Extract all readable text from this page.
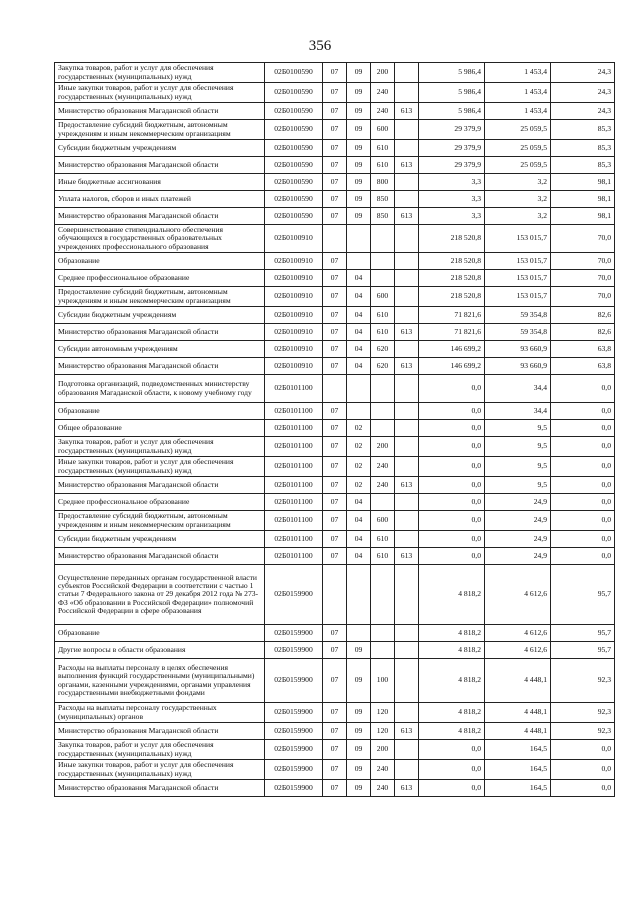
356
Закупка товаров, работ и услуг для обеспечения государственных (муниципальных) нужд	02Б0100590	07	09	200		5 986,4	1 453,4	24,3
Иные закупки товаров, работ и услуг для обеспечения государственных (муниципальных) нужд	02Б0100590	07	09	240		5 986,4	1 453,4	24,3
Министерство образования Магаданской области	02Б0100590	07	09	240	613	5 986,4	1 453,4	24,3
Предоставление субсидий бюджетным, автономным учреждениям и иным некоммерческим организациям	02Б0100590	07	09	600		29 379,9	25 059,5	85,3
Субсидии бюджетным учреждениям	02Б0100590	07	09	610		29 379,9	25 059,5	85,3
Министерство образования Магаданской области	02Б0100590	07	09	610	613	29 379,9	25 059,5	85,3
Иные бюджетные ассигнования	02Б0100590	07	09	800		3,3	3,2	98,1
Уплата налогов, сборов и иных платежей	02Б0100590	07	09	850		3,3	3,2	98,1
Министерство образования Магаданской области	02Б0100590	07	09	850	613	3,3	3,2	98,1
Совершенствование стипендиального обеспечения обучающихся в государственных образовательных учреждениях профессионального образования	02Б0100910					218 520,8	153 015,7	70,0
Образование	02Б0100910	07				218 520,8	153 015,7	70,0
Среднее профессиональное образование	02Б0100910	07	04			218 520,8	153 015,7	70,0
Предоставление субсидий бюджетным, автономным учреждениям и иным некоммерческим организациям	02Б0100910	07	04	600		218 520,8	153 015,7	70,0
Субсидии бюджетным учреждениям	02Б0100910	07	04	610		71 821,6	59 354,8	82,6
Министерство образования Магаданской области	02Б0100910	07	04	610	613	71 821,6	59 354,8	82,6
Субсидии автономным учреждениям	02Б0100910	07	04	620		146 699,2	93 660,9	63,8
Министерство образования Магаданской области	02Б0100910	07	04	620	613	146 699,2	93 660,9	63,8
Подготовка организаций, подведомственных министерству образования Магаданской области, к новому учебному году	02Б0101100					0,0	34,4	0,0
Образование	02Б0101100	07				0,0	34,4	0,0
Общее образование	02Б0101100	07	02			0,0	9,5	0,0
Закупка товаров, работ и услуг для обеспечения государственных (муниципальных) нужд	02Б0101100	07	02	200		0,0	9,5	0,0
Иные закупки товаров, работ и услуг для обеспечения государственных (муниципальных) нужд	02Б0101100	07	02	240		0,0	9,5	0,0
Министерство образования Магаданской области	02Б0101100	07	02	240	613	0,0	9,5	0,0
Среднее профессиональное образование	02Б0101100	07	04			0,0	24,9	0,0
Предоставление субсидий бюджетным, автономным учреждениям и иным некоммерческим организациям	02Б0101100	07	04	600		0,0	24,9	0,0
Субсидии бюджетным учреждениям	02Б0101100	07	04	610		0,0	24,9	0,0
Министерство образования Магаданской области	02Б0101100	07	04	610	613	0,0	24,9	0,0
Осуществление переданных органам государственной власти субъектов Российской Федерации в соответствии с частью 1 статьи 7 Федерального закона от 29 декабря 2012 года № 273-ФЗ «Об образовании в Российской Федерации» полномочий Российской Федерации в сфере образования	02Б0159900					4 818,2	4 612,6	95,7
Образование	02Б0159900	07				4 818,2	4 612,6	95,7
Другие вопросы в области образования	02Б0159900	07	09			4 818,2	4 612,6	95,7
Расходы на выплаты персоналу в целях обеспечения выполнения функций государственными (муниципальными) органами, казенными учреждениями, органами управления государственными внебюджетными фондами	02Б0159900	07	09	100		4 818,2	4 448,1	92,3
Расходы на выплаты персоналу государственных (муниципальных) органов	02Б0159900	07	09	120		4 818,2	4 448,1	92,3
Министерство образования Магаданской области	02Б0159900	07	09	120	613	4 818,2	4 448,1	92,3
Закупка товаров, работ и услуг для обеспечения государственных (муниципальных) нужд	02Б0159900	07	09	200		0,0	164,5	0,0
Иные закупки товаров, работ и услуг для обеспечения государственных (муниципальных) нужд	02Б0159900	07	09	240		0,0	164,5	0,0
Министерство образования Магаданской области	02Б0159900	07	09	240	613	0,0	164,5	0,0
